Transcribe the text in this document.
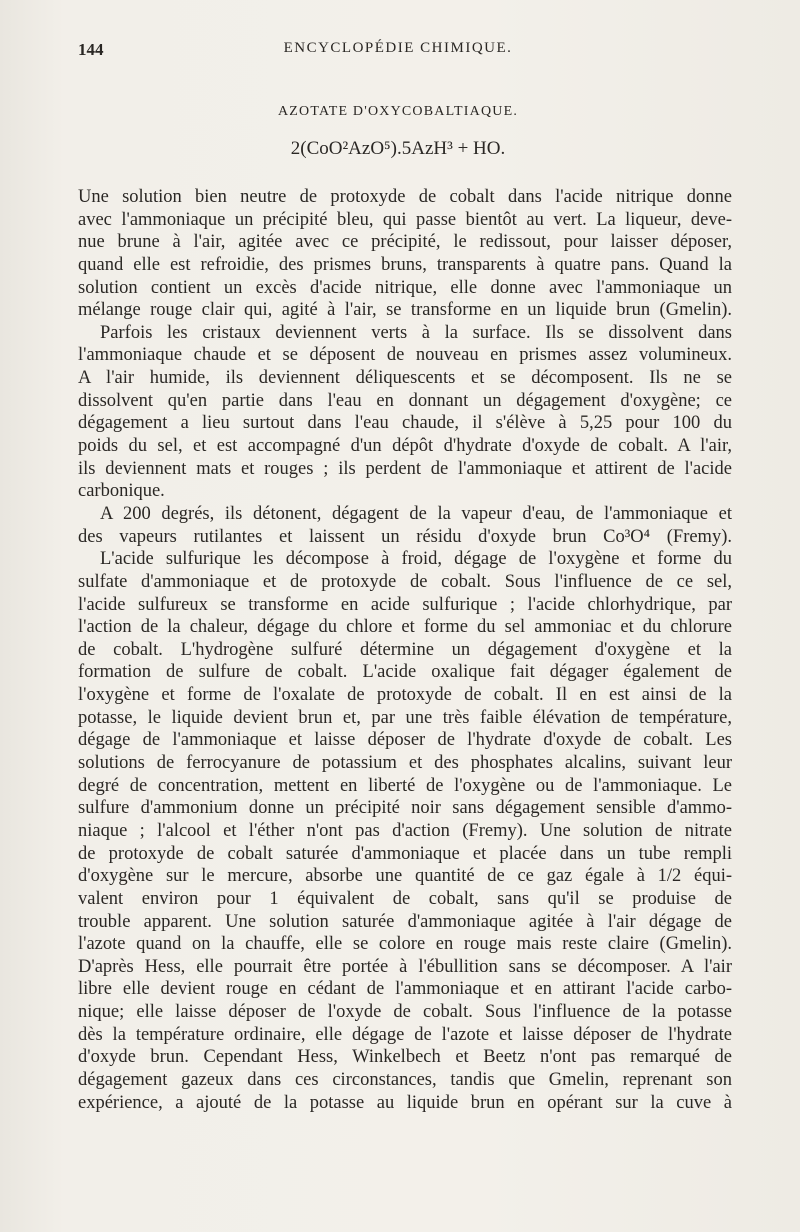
144	ENCYCLOPÉDIE CHIMIQUE.
AZOTATE D'OXYCOBALTIAQUE.
2(CoO²AzO⁵).5AzH³ + HO.
Une solution bien neutre de protoxyde de cobalt dans l'acide nitrique donne
avec l'ammoniaque un précipité bleu, qui passe bientôt au vert. La liqueur, deve-
nue brune à l'air, agitée avec ce précipité, le redissout, pour laisser déposer,
quand elle est refroidie, des prismes bruns, transparents à quatre pans. Quand la
solution contient un excès d'acide nitrique, elle donne avec l'ammoniaque un
mélange rouge clair qui, agité à l'air, se transforme en un liquide brun (Gmelin).
Parfois les cristaux deviennent verts à la surface. Ils se dissolvent dans
l'ammoniaque chaude et se déposent de nouveau en prismes assez volumineux.
A l'air humide, ils deviennent déliquescents et se décomposent. Ils ne se
dissolvent qu'en partie dans l'eau en donnant un dégagement d'oxygène; ce
dégagement a lieu surtout dans l'eau chaude, il s'élève à 5,25 pour 100 du
poids du sel, et est accompagné d'un dépôt d'hydrate d'oxyde de cobalt. A l'air,
ils deviennent mats et rouges ; ils perdent de l'ammoniaque et attirent de l'acide
carbonique.
A 200 degrés, ils détonent, dégagent de la vapeur d'eau, de l'ammoniaque et
des vapeurs rutilantes et laissent un résidu d'oxyde brun Co³O⁴ (Fremy).
L'acide sulfurique les décompose à froid, dégage de l'oxygène et forme du
sulfate d'ammoniaque et de protoxyde de cobalt. Sous l'influence de ce sel,
l'acide sulfureux se transforme en acide sulfurique ; l'acide chlorhydrique, par
l'action de la chaleur, dégage du chlore et forme du sel ammoniac et du chlorure
de cobalt. L'hydrogène sulfuré détermine un dégagement d'oxygène et la
formation de sulfure de cobalt. L'acide oxalique fait dégager également de
l'oxygène et forme de l'oxalate de protoxyde de cobalt. Il en est ainsi de la
potasse, le liquide devient brun et, par une très faible élévation de température,
dégage de l'ammoniaque et laisse déposer de l'hydrate d'oxyde de cobalt. Les
solutions de ferrocyanure de potassium et des phosphates alcalins, suivant leur
degré de concentration, mettent en liberté de l'oxygène ou de l'ammoniaque. Le
sulfure d'ammonium donne un précipité noir sans dégagement sensible d'ammo-
niaque ; l'alcool et l'éther n'ont pas d'action (Fremy). Une solution de nitrate
de protoxyde de cobalt saturée d'ammoniaque et placée dans un tube rempli
d'oxygène sur le mercure, absorbe une quantité de ce gaz égale à 1/2 équi-
valent environ pour 1 équivalent de cobalt, sans qu'il se produise de
trouble apparent. Une solution saturée d'ammoniaque agitée à l'air dégage de
l'azote quand on la chauffe, elle se colore en rouge mais reste claire (Gmelin).
D'après Hess, elle pourrait être portée à l'ébullition sans se décomposer. A l'air
libre elle devient rouge en cédant de l'ammoniaque et en attirant l'acide carbo-
nique; elle laisse déposer de l'oxyde de cobalt. Sous l'influence de la potasse
dès la température ordinaire, elle dégage de l'azote et laisse déposer de l'hydrate
d'oxyde brun. Cependant Hess, Winkelbech et Beetz n'ont pas remarqué de
dégagement gazeux dans ces circonstances, tandis que Gmelin, reprenant son
expérience, a ajouté de la potasse au liquide brun en opérant sur la cuve à
